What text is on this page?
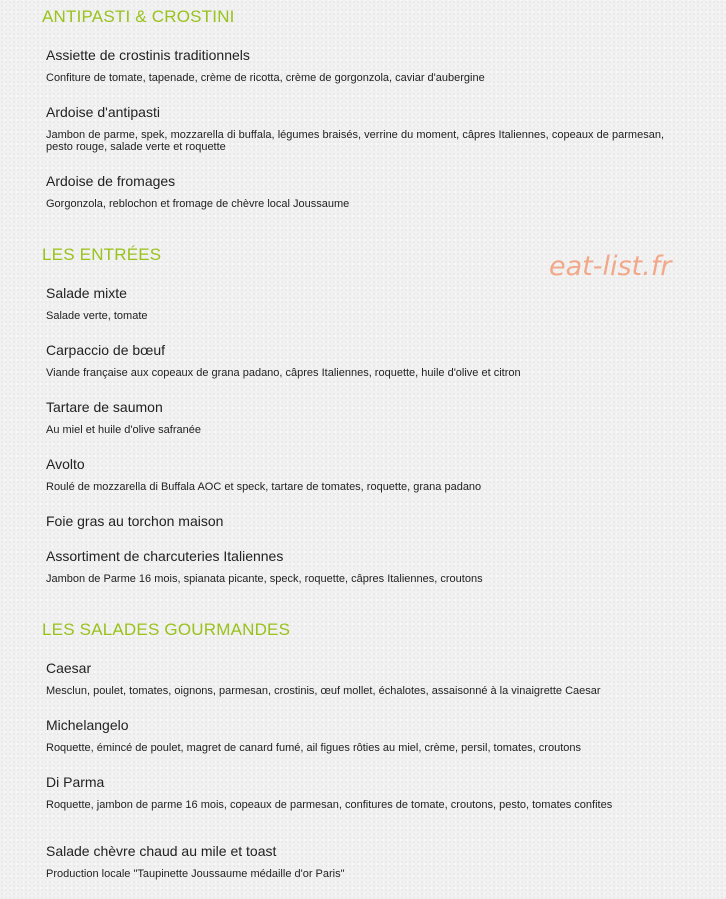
ANTIPASTI & CROSTINI

Assiette de crostinis traditionnels

Confiture de tomate, tapenade, crème de ricotta, crème de gorgonzola, caviar d'aubergine

Ardoise d'antipasti

Jambon de parme, spek, mozzarella di buffala, légumes braisés, verrine du moment, câpres Italiennes, copeaux de parmesan, pesto rouge, salade verte et roquette

Ardoise de fromages

Gorgonzola, reblochon et fromage de chèvre local Joussaume

LES ENTRÉES	eat-list.fr

Salade mixte

Salade verte, tomate

Carpaccio de bœuf

Viande française aux copeaux de grana padano, câpres Italiennes, roquette, huile d'olive et citron

Tartare de saumon

Au miel et huile d'olive safranée

Avolto

Roulé de mozzarella di Buffala AOC et speck, tartare de tomates, roquette, grana padano

Foie gras au torchon maison

Assortiment de charcuteries Italiennes

Jambon de Parme 16 mois, spianata picante, speck, roquette, câpres Italiennes, croutons

LES SALADES GOURMANDES

Caesar

Mesclun, poulet, tomates, oignons, parmesan, crostinis, œuf mollet, échalotes, assaisonné à la vinaigrette Caesar

Michelangelo

Roquette, émincé de poulet, magret de canard fumé, ail figues rôties au miel, crème, persil, tomates, croutons

Di Parma

Roquette, jambon de parme 16 mois, copeaux de parmesan, confitures de tomate, croutons, pesto, tomates confites

Salade chèvre chaud au mile et toast

Production locale "Taupinette Joussaume médaille d'or Paris"
